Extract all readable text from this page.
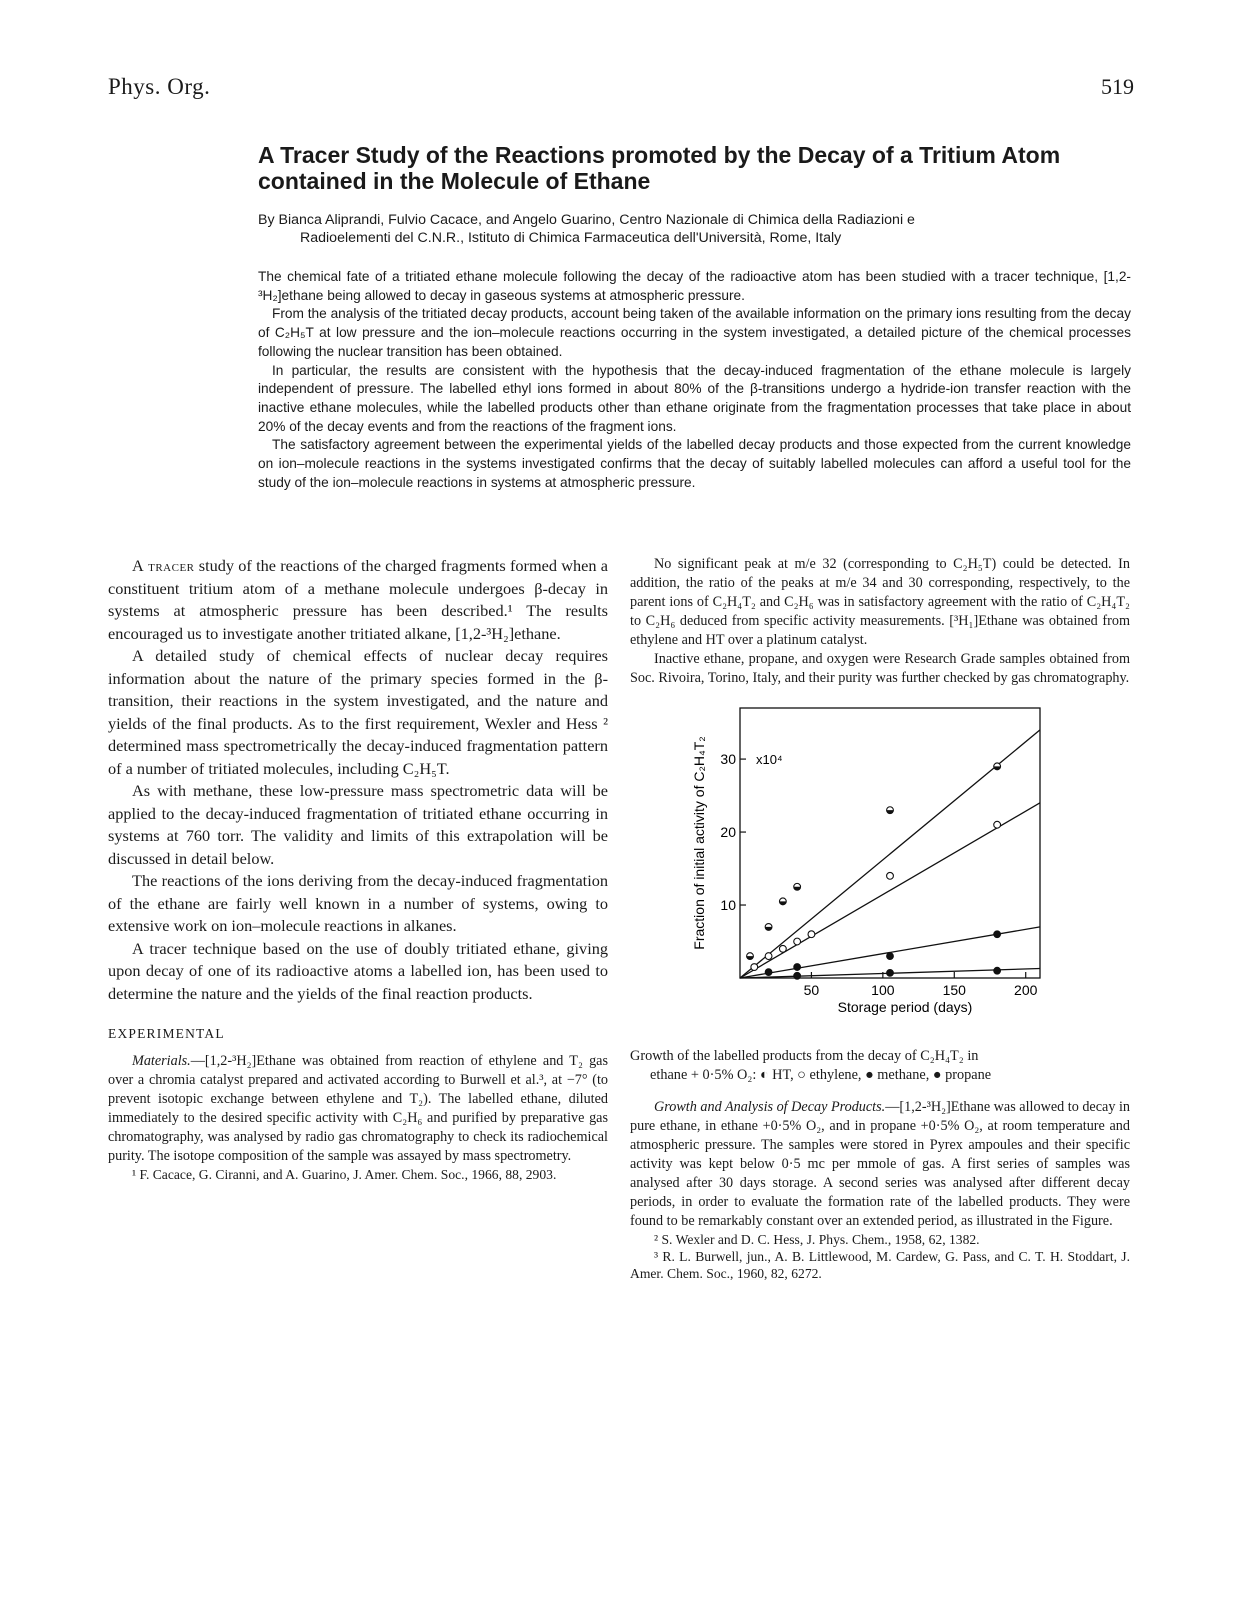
Phys. Org.	519
A Tracer Study of the Reactions promoted by the Decay of a Tritium Atom contained in the Molecule of Ethane
By Bianca Aliprandi, Fulvio Cacace, and Angelo Guarino, Centro Nazionale di Chimica della Radiazioni e
Radioelementi del C.N.R., Istituto di Chimica Farmaceutica dell'Università, Rome, Italy

The chemical fate of a tritiated ethane molecule following the decay of the radioactive atom has been studied with a tracer technique, [1,2-³H₂]ethane being allowed to decay in gaseous systems at atmospheric pressure.

From the analysis of the tritiated decay products, account being taken of the available information on the primary ions resulting from the decay of C₂H₅T at low pressure and the ion–molecule reactions occurring in the system investigated, a detailed picture of the chemical processes following the nuclear transition has been obtained.

In particular, the results are consistent with the hypothesis that the decay-induced fragmentation of the ethane molecule is largely independent of pressure. The labelled ethyl ions formed in about 80% of the β-transitions undergo a hydride-ion transfer reaction with the inactive ethane molecules, while the labelled products other than ethane originate from the fragmentation processes that take place in about 20% of the decay events and from the reactions of the fragment ions.

The satisfactory agreement between the experimental yields of the labelled decay products and those expected from the current knowledge on ion–molecule reactions in the systems investigated confirms that the decay of suitably labelled molecules can afford a useful tool for the study of the ion–molecule reactions in systems at atmospheric pressure.

A tracer study of the reactions of the charged fragments formed when a constituent tritium atom of a methane molecule undergoes β-decay in systems at atmospheric pressure has been described.¹ The results encouraged us to investigate another tritiated alkane, [1,2-³H₂]ethane.

A detailed study of chemical effects of nuclear decay requires information about the nature of the primary species formed in the β-transition, their reactions in the system investigated, and the nature and yields of the final products. As to the first requirement, Wexler and Hess ² determined mass spectrometrically the decay-induced fragmentation pattern of a number of tritiated molecules, including C₂H₅T.

As with methane, these low-pressure mass spectrometric data will be applied to the decay-induced fragmentation of tritiated ethane occurring in systems at 760 torr. The validity and limits of this extrapolation will be discussed in detail below.

The reactions of the ions deriving from the decay-induced fragmentation of the ethane are fairly well known in a number of systems, owing to extensive work on ion–molecule reactions in alkanes.

A tracer technique based on the use of doubly tritiated ethane, giving upon decay of one of its radioactive atoms a labelled ion, has been used to determine the nature and the yields of the final reaction products.

EXPERIMENTAL

Materials.—[1,2-³H₂]Ethane was obtained from reaction of ethylene and T₂ gas over a chromia catalyst prepared and activated according to Burwell et al.³, at −7° (to prevent isotopic exchange between ethylene and T₂). The labelled ethane, diluted immediately to the desired specific activity with C₂H₆ and purified by preparative gas chromatography, was analysed by radio gas chromatography to check its radiochemical purity. The isotope composition of the sample was assayed by mass spectrometry.

¹ F. Cacace, G. Ciranni, and A. Guarino, J. Amer. Chem. Soc., 1966, 88, 2903.

No significant peak at m/e 32 (corresponding to C₂H₅T) could be detected. In addition, the ratio of the peaks at m/e 34 and 30 corresponding, respectively, to the parent ions of C₂H₄T₂ and C₂H₆ was in satisfactory agreement with the ratio of C₂H₄T₂ to C₂H₆ deduced from specific activity measurements. [³H₁]Ethane was obtained from ethylene and HT over a platinum catalyst.

Inactive ethane, propane, and oxygen were Research Grade samples obtained from Soc. Rivoira, Torino, Italy, and their purity was further checked by gas chromatography.

50	100	150	200
10
20
30
Storage period (days)
Fraction of initial activity of C₂H₄T₂	x10⁴
Growth of the labelled products from the decay of C₂H₄T₂ in
ethane + 0·5% O₂: ◐ HT, ○ ethylene, ● methane, ● propane

Growth and Analysis of Decay Products.—[1,2-³H₂]Ethane was allowed to decay in pure ethane, in ethane +0·5% O₂, and in propane +0·5% O₂, at room temperature and atmospheric pressure. The samples were stored in Pyrex ampoules and their specific activity was kept below 0·5 mc per mmole of gas. A first series of samples was analysed after 30 days storage. A second series was analysed after different decay periods, in order to evaluate the formation rate of the labelled products. They were found to be remarkably constant over an extended period, as illustrated in the Figure.

² S. Wexler and D. C. Hess, J. Phys. Chem., 1958, 62, 1382.

³ R. L. Burwell, jun., A. B. Littlewood, M. Cardew, G. Pass, and C. T. H. Stoddart, J. Amer. Chem. Soc., 1960, 82, 6272.
